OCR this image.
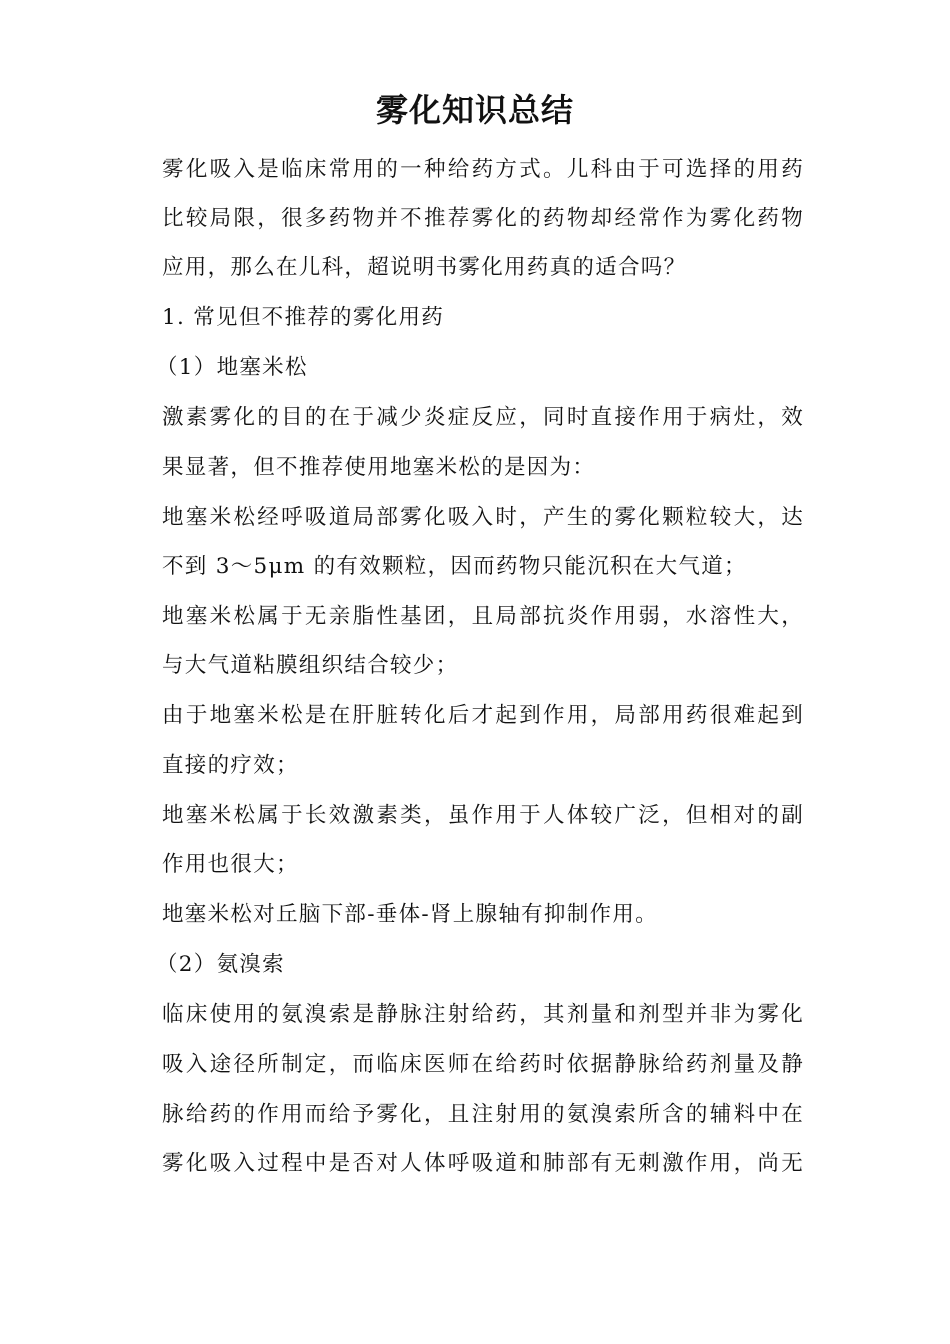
雾化知识总结
雾化吸入是临床常用的一种给药方式。儿科由于可选择的用药
比较局限，很多药物并不推荐雾化的药物却经常作为雾化药物
应用，那么在儿科，超说明书雾化用药真的适合吗？
1. 常见但不推荐的雾化用药
（1）地塞米松
激素雾化的目的在于减少炎症反应，同时直接作用于病灶，效
果显著，但不推荐使用地塞米松的是因为：
地塞米松经呼吸道局部雾化吸入时，产生的雾化颗粒较大，达
不到 3～5μm 的有效颗粒，因而药物只能沉积在大气道；
地塞米松属于无亲脂性基团，且局部抗炎作用弱，水溶性大，
与大气道粘膜组织结合较少；
由于地塞米松是在肝脏转化后才起到作用，局部用药很难起到
直接的疗效；
地塞米松属于长效激素类，虽作用于人体较广泛，但相对的副
作用也很大；
地塞米松对丘脑下部-垂体-肾上腺轴有抑制作用。
（2）氨溴索
临床使用的氨溴索是静脉注射给药，其剂量和剂型并非为雾化
吸入途径所制定，而临床医师在给药时依据静脉给药剂量及静
脉给药的作用而给予雾化，且注射用的氨溴索所含的辅料中在
雾化吸入过程中是否对人体呼吸道和肺部有无刺激作用，尚无
